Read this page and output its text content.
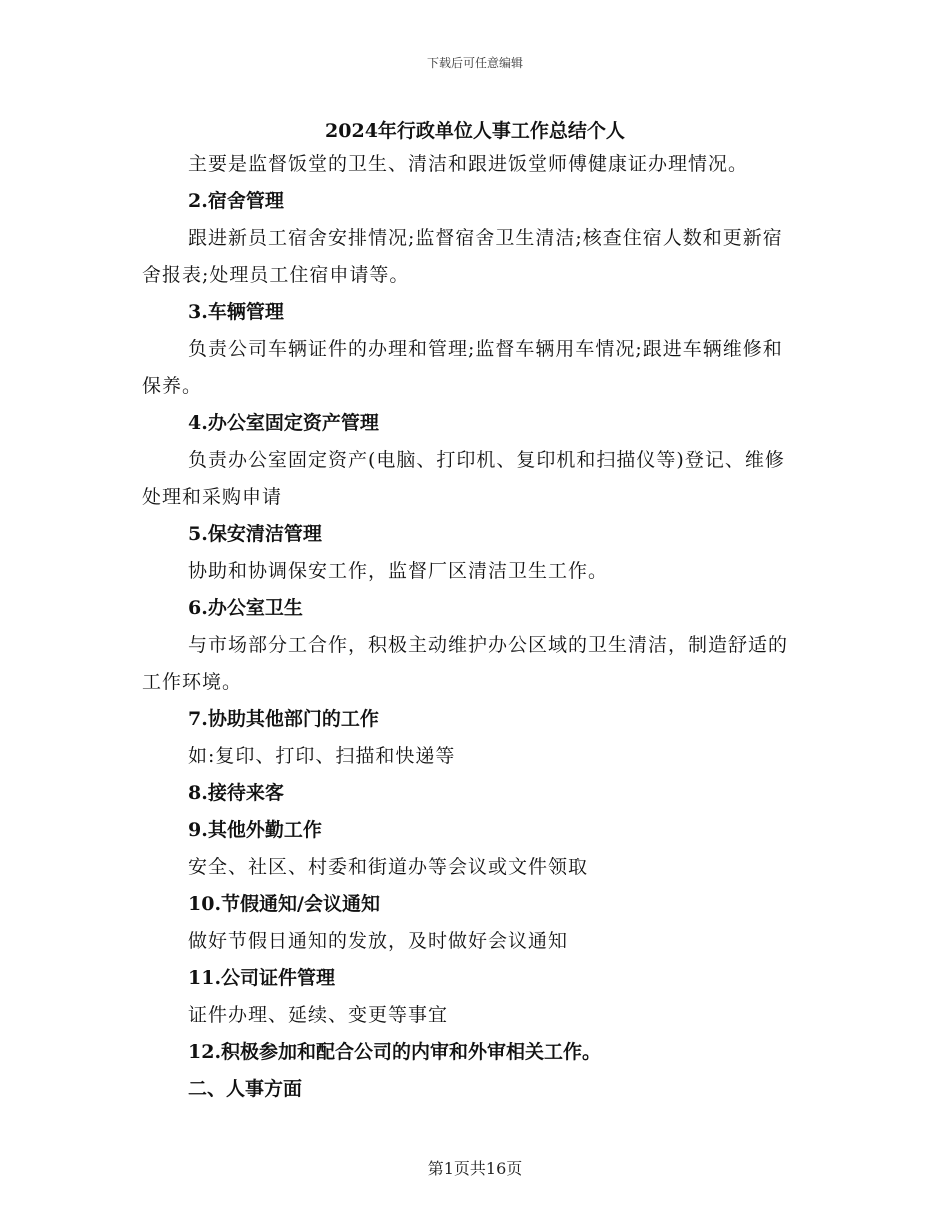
下载后可任意编辑
2024年行政单位人事工作总结个人

主要是监督饭堂的卫生、清洁和跟进饭堂师傅健康证办理情况。

2.宿舍管理

跟进新员工宿舍安排情况;监督宿舍卫生清洁;核查住宿人数和更新宿舍报表;处理员工住宿申请等。

3.车辆管理

负责公司车辆证件的办理和管理;监督车辆用车情况;跟进车辆维修和保养。

4.办公室固定资产管理

负责办公室固定资产(电脑、打印机、复印机和扫描仪等)登记、维修处理和采购申请

5.保安清洁管理

协助和协调保安工作，监督厂区清洁卫生工作。

6.办公室卫生

与市场部分工合作，积极主动维护办公区域的卫生清洁，制造舒适的工作环境。

7.协助其他部门的工作

如:复印、打印、扫描和快递等

8.接待来客

9.其他外勤工作

安全、社区、村委和街道办等会议或文件领取

10.节假通知/会议通知

做好节假日通知的发放，及时做好会议通知

11.公司证件管理

证件办理、延续、变更等事宜

12.积极参加和配合公司的内审和外审相关工作。

二、人事方面

第1页共16页
